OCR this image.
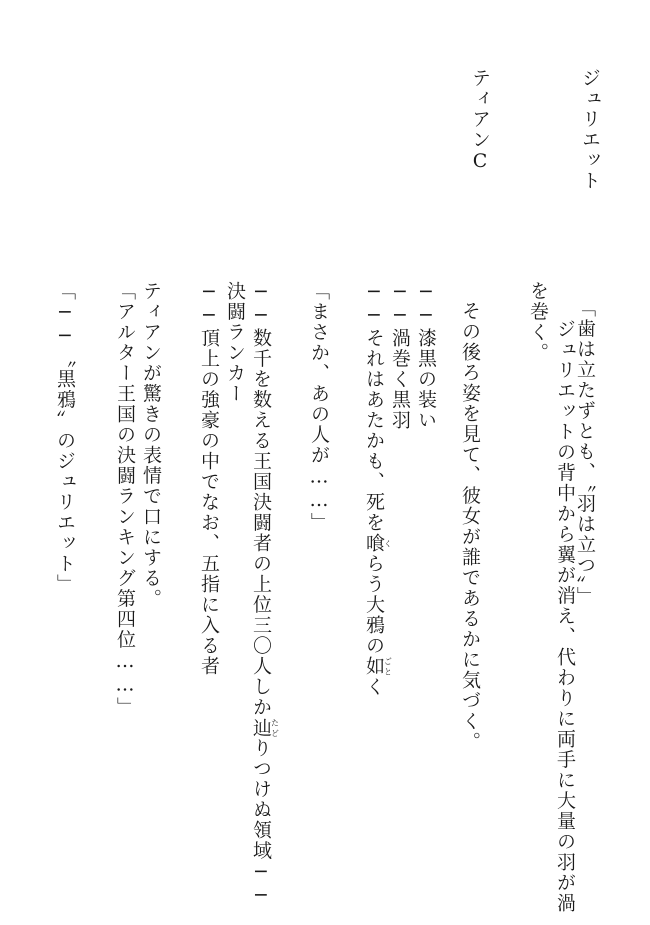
ジュリエット
「歯は立たずとも、〝羽は立つ〟」
ジュリエットの背中から翼が消え、代わりに両手に大量の羽が渦
を巻く。
その後ろ姿を見て、彼女が誰であるかに気づく。
ティアンC
──漆黒の装い
──渦巻く黒羽
──それはあたかも、死を喰くらう大鴉の如ごとく
「まさか、あの人が……」
──数千を数える王国決闘者の上位三〇人しか辿たどりつけぬ領域──
決闘ランカー
──頂上の強豪の中でなお、五指に入る者
ティアンが驚きの表情で口にする。
「アルター王国の決闘ランキング第四位……」
「──〝黒鴉〟のジュリエット」
